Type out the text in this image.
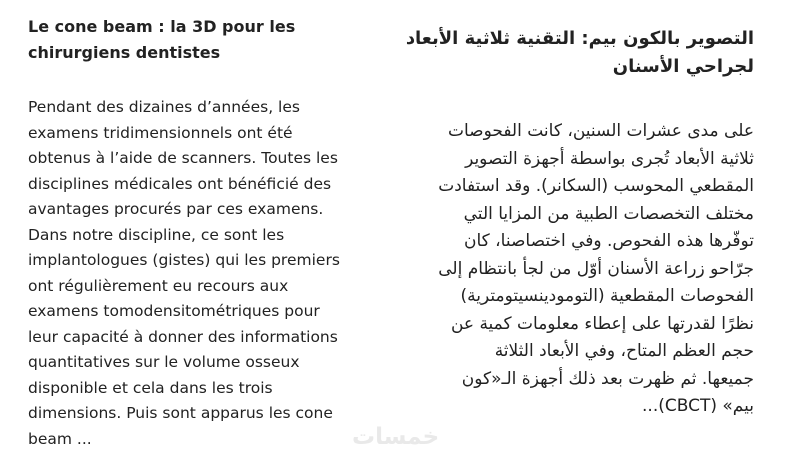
Le cone beam : la 3D pour les
chirurgiens dentistes
Pendant des dizaines d’années, les
examens tridimensionnels ont été
obtenus à l’aide de scanners. Toutes les
disciplines médicales ont bénéficié des
avantages procurés par ces examens.
Dans notre discipline, ce sont les
implantologues (gistes) qui les premiers
ont régulièrement eu recours aux
examens tomodensitométriques pour
leur capacité à donner des informations
quantitatives sur le volume osseux
disponible et cela dans les trois
dimensions. Puis sont apparus les cone
beam ...
التصوير بالكون بيم: التقنية ثلاثية الأبعاد
لجراحي الأسنان
على مدى عشرات السنين، كانت الفحوصات
ثلاثية الأبعاد تُجرى بواسطة أجهزة التصوير
المقطعي المحوسب (السكانر). وقد استفادت
مختلف التخصصات الطبية من المزايا التي
توفّرها هذه الفحوص. وفي اختصاصنا، كان
جرّاحو زراعة الأسنان أوّل من لجأ بانتظام إلى
الفحوصات المقطعية (التومودينسيتومترية)
نظرًا لقدرتها على إعطاء معلومات كمية عن
حجم العظم المتاح، وفي الأبعاد الثلاثة
جميعها. ثم ظهرت بعد ذلك أجهزة الـ«كون
بيم» (CBCT)...
خمسات
